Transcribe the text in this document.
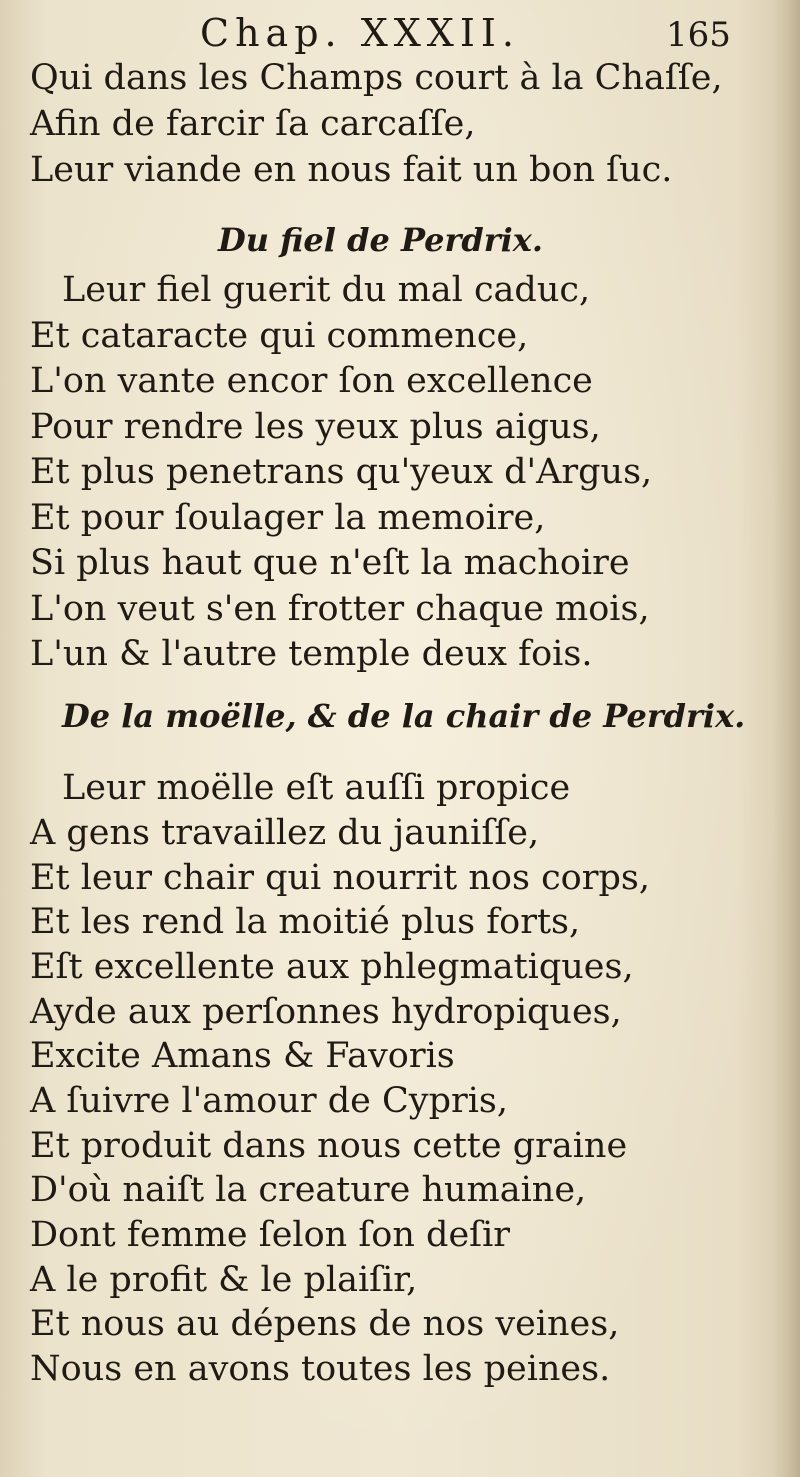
Chap. XXXII.	165
Qui dans les Champs court à la Chaſſe,
Afin de farcir ſa carcaſſe,
Leur viande en nous fait un bon ſuc.
Du fiel de Perdrix.
Leur fiel guerit du mal caduc,
Et cataracte qui commence,
L'on vante encor ſon excellence
Pour rendre les yeux plus aigus,
Et plus penetrans qu'yeux d'Argus,
Et pour ſoulager la memoire,
Si plus haut que n'eſt la machoire
L'on veut s'en frotter chaque mois,
L'un & l'autre temple deux fois.
De la moëlle, & de la chair de Perdrix.
Leur moëlle eſt auſſi propice
A gens travaillez du jauniſſe,
Et leur chair qui nourrit nos corps,
Et les rend la moitié plus forts,
Eſt excellente aux phlegmatiques,
Ayde aux perſonnes hydropiques,
Excite Amans & Favoris
A ſuivre l'amour de Cypris,
Et produit dans nous cette graine
D'où naiſt la creature humaine,
Dont femme ſelon ſon deſir
A le profit & le plaiſir,
Et nous au dépens de nos veines,
Nous en avons toutes les peines.
